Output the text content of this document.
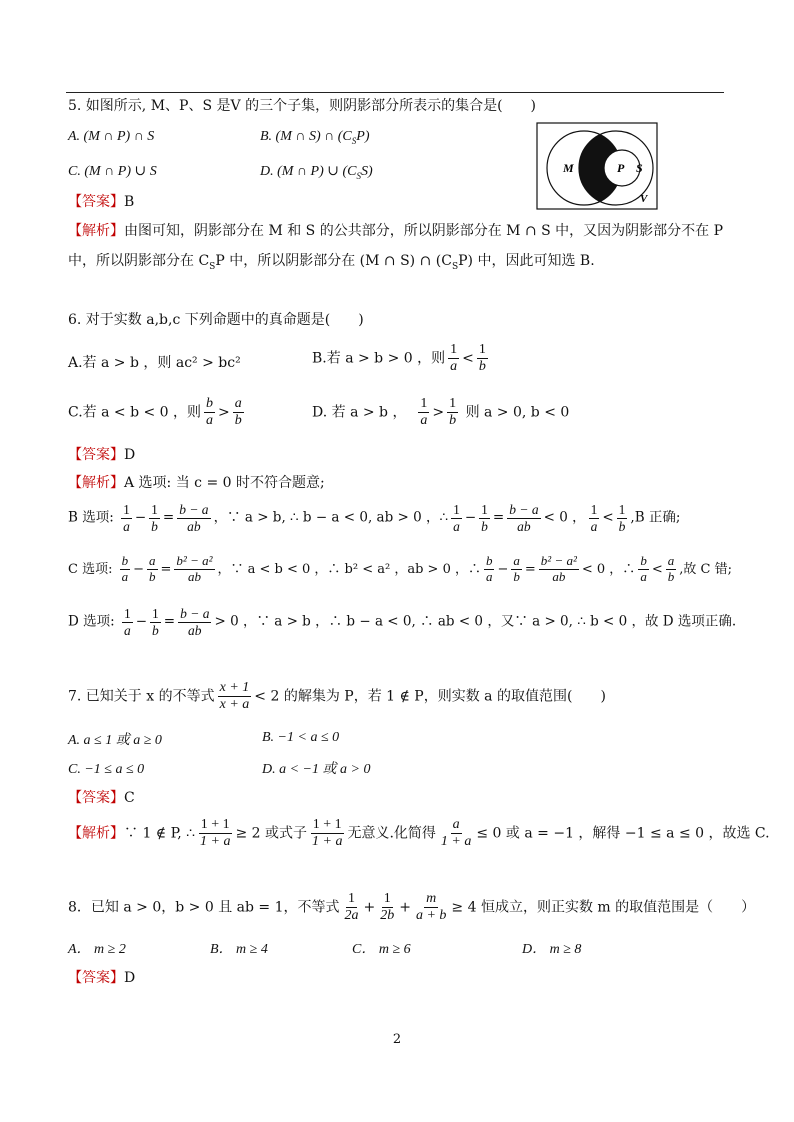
5. 如图所示, M、P、S 是V 的三个子集，则阴影部分所表示的集合是(　　)
A. (M ∩ P) ∩ S	B. (M ∩ S) ∩ $(C_SP)$
C. (M ∩ P) ∪ S	D. (M ∩ P) ∪ $(C_SS)$	M	P S
V
【答案】B
【解析】由图可知，阴影部分在 M 和 S 的公共部分，所以阴影部分在 M ∩ S 中，又因为阴影部分不在 P
中，所以阴影部分在 $C_SP$ 中，所以阴影部分在 (M ∩ S) ∩ $(C_SP)$ 中，因此可知选 B.
6. 对于实数 a,b,c 下列命题中的真命题是(　　)
A.若 a > b ，则 ac² > bc²	B.若 a > b > 0 ，则 $\frac{1}{a} < \frac{1}{b}$
C.若 a < b < 0 ，则 $\frac{b}{a} > \frac{a}{b}$	D. 若 a > b ， $\frac{1}{a} > \frac{1}{b}$ 则 a > 0, b < 0
【答案】D
【解析】A 选项: 当 c = 0 时不符合题意;
B 选项: $\frac{1}{a} - \frac{1}{b} = \frac{b - a}{ab}$ ，∵ a > b, ∴ b − a < 0, ab > 0 ，∴ $\frac{1}{a} - \frac{1}{b} = \frac{b - a}{ab} < 0$ ， $\frac{1}{a} < \frac{1}{b} ,B$ 正确;
C 选项: $\frac{b}{a} - \frac{a}{b} = \frac{\text{b² − a²}}{ab}$ ，∵ a < b < 0 ，∴ b² < a² ，ab > 0 ，∴ $\frac{b}{a} - \frac{a}{b} = \frac{\text{b² − a²}}{ab} < 0$ ，∴ $\frac{b}{a} < \frac{a}{b}$ ,故 C 错;
D 选项: $\frac{1}{a} - \frac{1}{b} = \frac{b - a}{ab} > 0$ ，∵ a > b ，∴ b − a < 0, ∴ ab < 0 ，又∵ a > 0, ∴ b < 0 ，故 D 选项正确.
7. 已知关于 x 的不等式 $\frac{x + 1}{x + a} < 2$ 的解集为 P，若 1 ∉ P，则实数 a 的取值范围(　　)
A. a ≤ 1 或 a ≥ 0	B. −1 < a ≤ 0
C. −1 ≤ a ≤ 0	D. a < −1 或 a > 0
【答案】C
【解析】∵ 1 ∉ P, ∴ $\frac{1 + 1}{1 + a} \ge 2$ 或式子 $\frac{1 + 1}{1 + a}$ 无意义.化简得 $\frac{a}{1 + a} \le 0$ 或 a = −1 ，解得 −1 ≤ a ≤ 0 ，故选 C.
8．已知 a > 0，b > 0 且 ab = 1，不等式 $\frac{1}{2a} + \frac{1}{2b} + \frac{m}{a + b} \ge 4$ 恒成立，则正实数 m 的取值范围是（　　）
A． m ≥ 2	B． m ≥ 4	C． m ≥ 6	D． m ≥ 8
【答案】D
2
